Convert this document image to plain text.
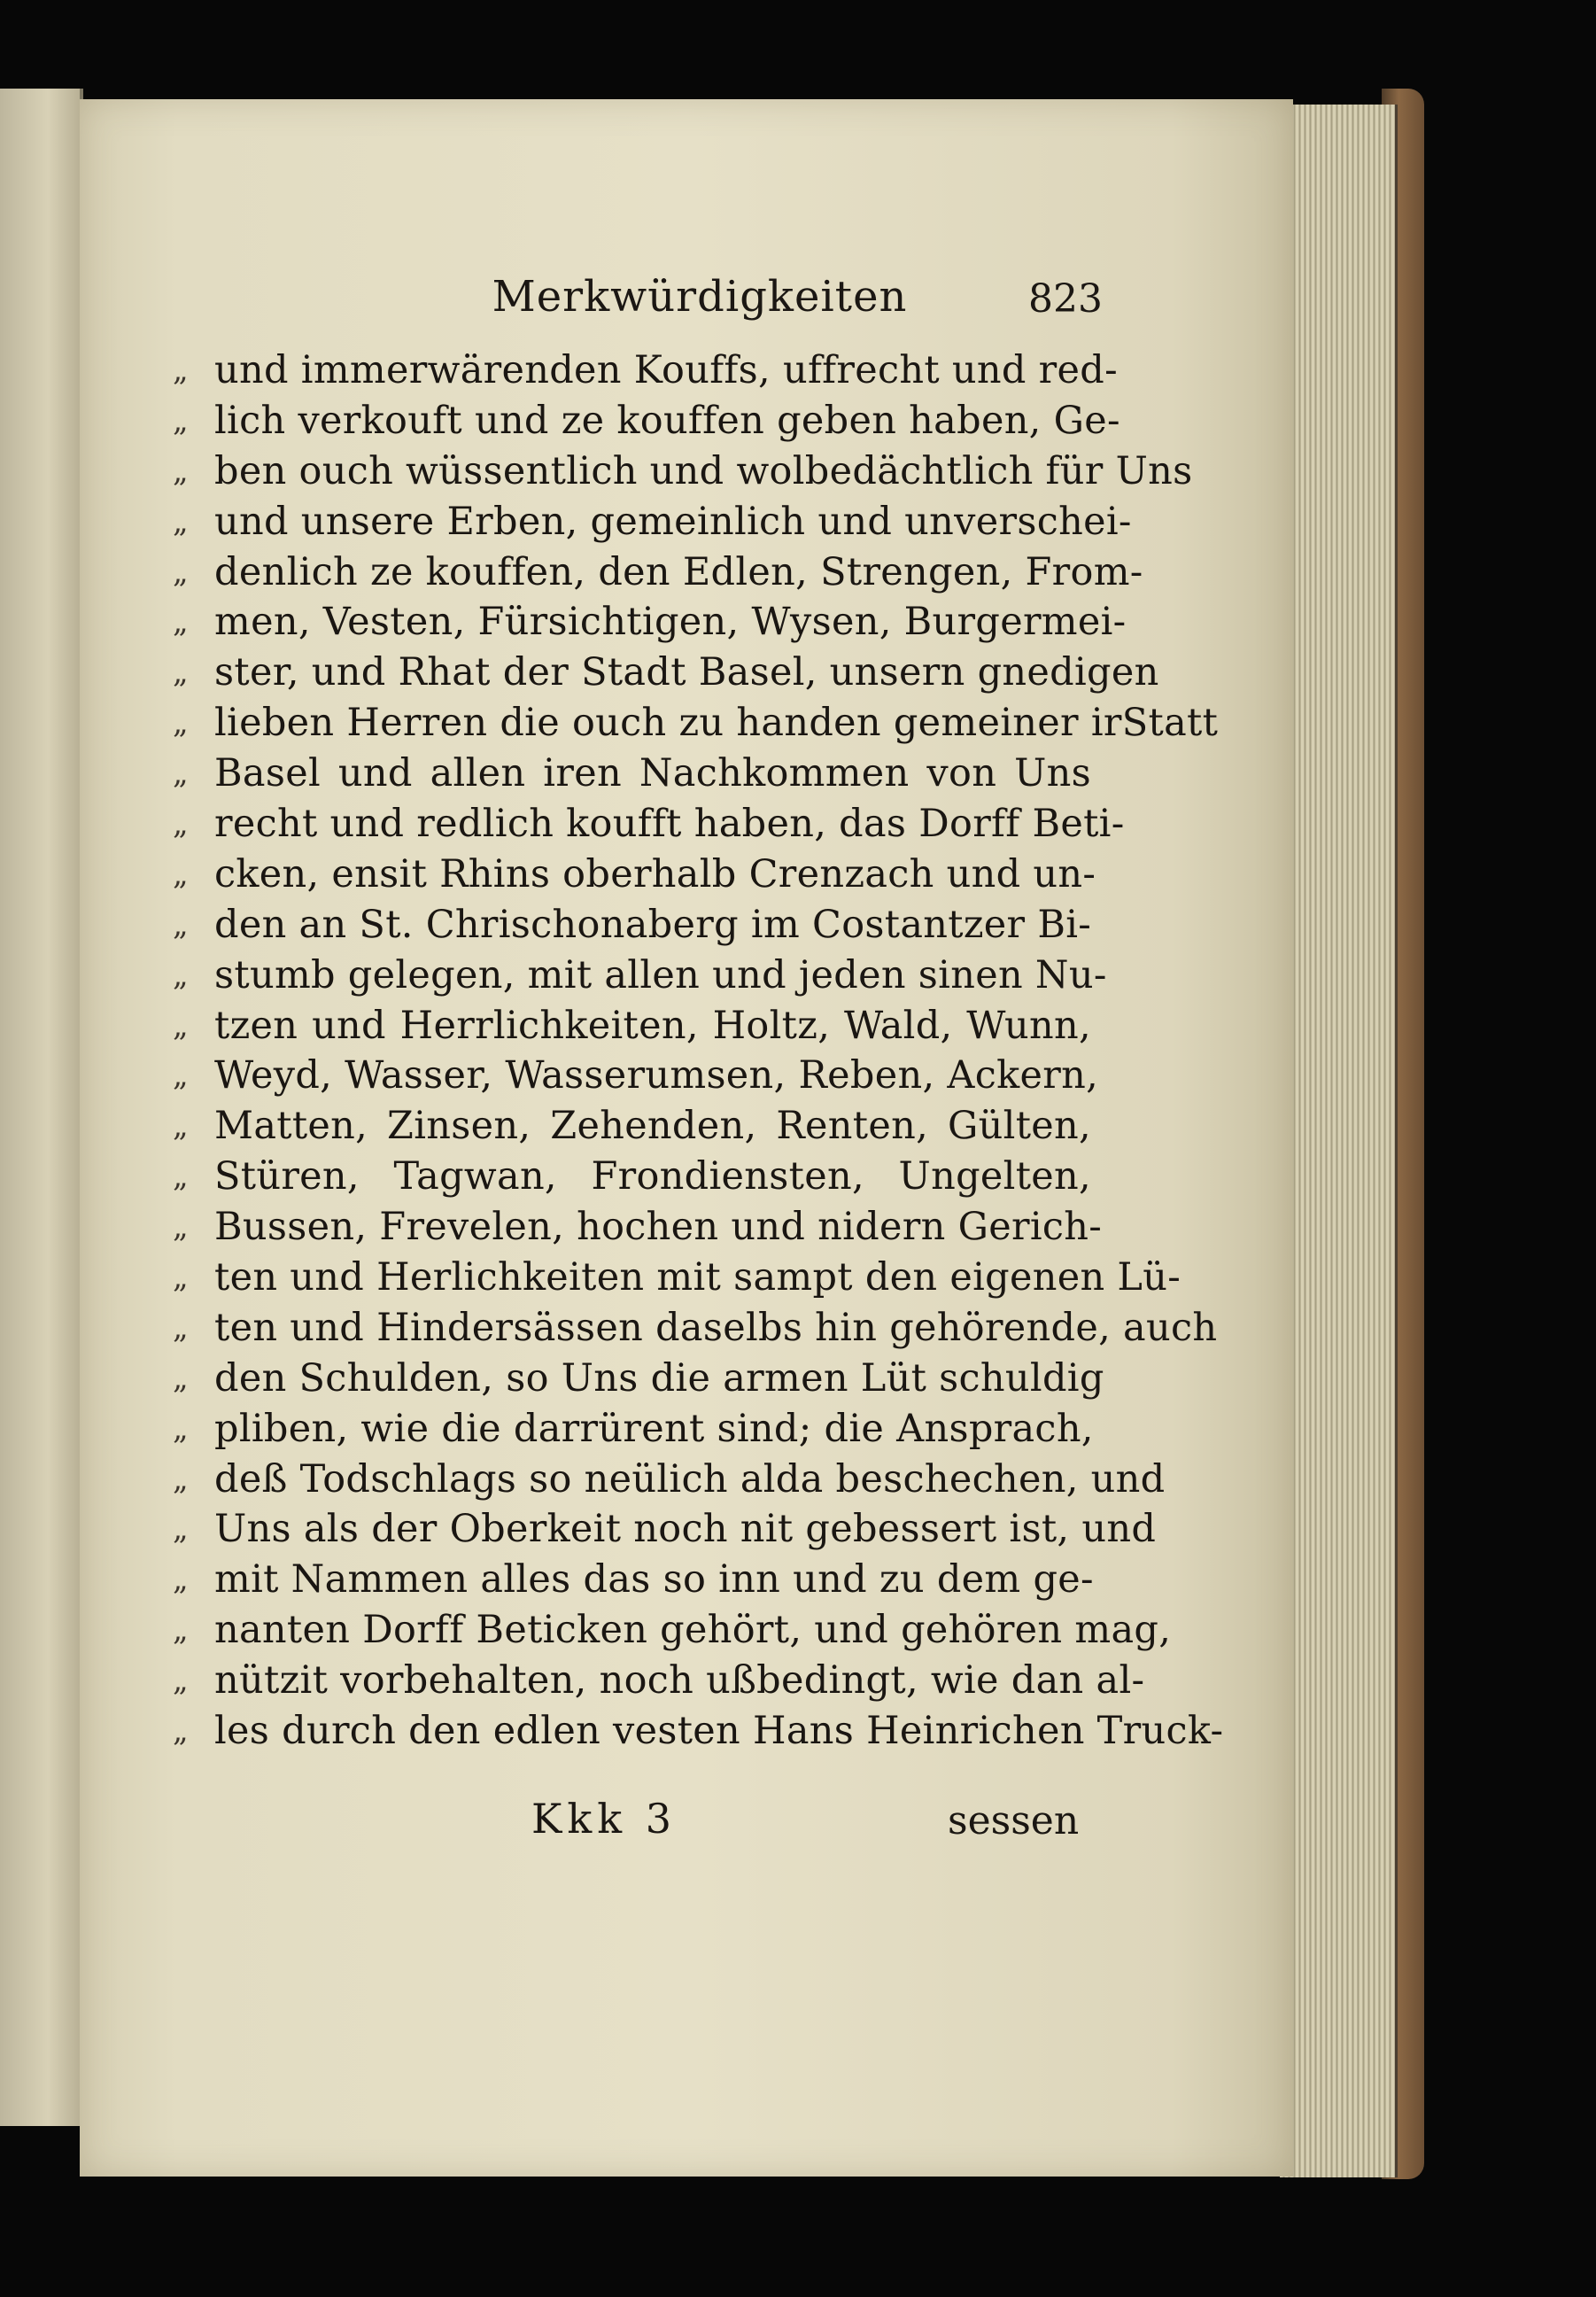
Merkwürdigkeiten	823
„ und immerwärenden Kouffs, uffrecht und red-
„ lich verkouft und ze kouffen geben haben, Ge-
„ ben ouch wüssentlich und wolbedächtlich für Uns
„ und unsere Erben, gemeinlich und unverschei-
„ denlich ze kouffen, den Edlen, Strengen, From-
„ men, Vesten, Fürsichtigen, Wysen, Burgermei-
„ ster, und Rhat der Stadt Basel, unsern gnedigen
„ lieben Herren die ouch zu handen gemeiner irStatt
„ Basel und allen iren Nachkommen von Uns
„ recht und redlich koufft haben, das Dorff Beti-
„ cken, ensit Rhins oberhalb Crenzach und un-
„ den an St. Chrischonaberg im Costantzer Bi-
„ stumb gelegen, mit allen und jeden sinen Nu-
„ tzen und Herrlichkeiten, Holtz, Wald, Wunn,
„ Weyd, Wasser, Wasserumsen, Reben, Ackern,
„ Matten, Zinsen, Zehenden, Renten, Gülten,
„ Stüren, Tagwan, Frondiensten, Ungelten,
„ Bussen, Frevelen, hochen und nidern Gerich-
„ ten und Herlichkeiten mit sampt den eigenen Lü-
„ ten und Hindersässen daselbs hin gehörende, auch
„ den Schulden, so Uns die armen Lüt schuldig
„ pliben, wie die darrürent sind; die Ansprach,
„ deß Todschlags so neülich alda beschechen, und
„ Uns als der Oberkeit noch nit gebessert ist, und
„ mit Nammen alles das so inn und zu dem ge-
„ nanten Dorff Beticken gehört, und gehören mag,
„ nützit vorbehalten, noch ußbedingt, wie dan al-
„ les durch den edlen vesten Hans Heinrichen Truck-
Kkk 3	sessen
